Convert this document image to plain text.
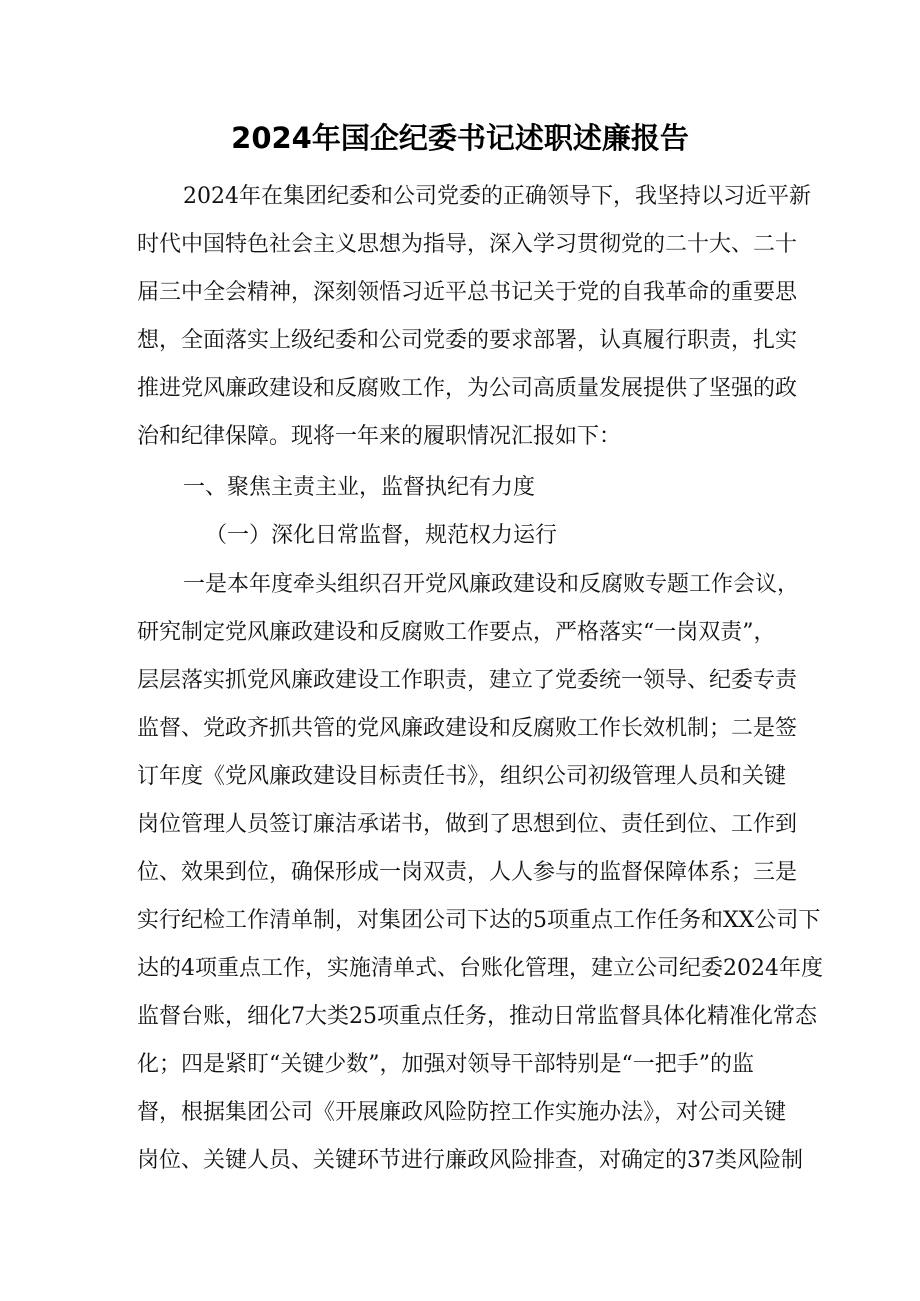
2024年国企纪委书记述职述廉报告
2024年在集团纪委和公司党委的正确领导下，我坚持以习近平新
时代中国特色社会主义思想为指导，深入学习贯彻党的二十大、二十
届三中全会精神，深刻领悟习近平总书记关于党的自我革命的重要思
想，全面落实上级纪委和公司党委的要求部署，认真履行职责，扎实
推进党风廉政建设和反腐败工作，为公司高质量发展提供了坚强的政
治和纪律保障。现将一年来的履职情况汇报如下：
一、聚焦主责主业，监督执纪有力度
（一）深化日常监督，规范权力运行
一是本年度牵头组织召开党风廉政建设和反腐败专题工作会议，
研究制定党风廉政建设和反腐败工作要点，严格落实“一岗双责”，
层层落实抓党风廉政建设工作职责，建立了党委统一领导、纪委专责
监督、党政齐抓共管的党风廉政建设和反腐败工作长效机制；二是签
订年度《党风廉政建设目标责任书》，组织公司初级管理人员和关键
岗位管理人员签订廉洁承诺书，做到了思想到位、责任到位、工作到
位、效果到位，确保形成一岗双责，人人参与的监督保障体系；三是
实行纪检工作清单制，对集团公司下达的5项重点工作任务和XX公司下
达的4项重点工作，实施清单式、台账化管理，建立公司纪委2024年度
监督台账，细化7大类25项重点任务，推动日常监督具体化精准化常态
化；四是紧盯“关键少数”，加强对领导干部特别是“一把手”的监
督，根据集团公司《开展廉政风险防控工作实施办法》，对公司关键
岗位、关键人员、关键环节进行廉政风险排查，对确定的37类风险制
